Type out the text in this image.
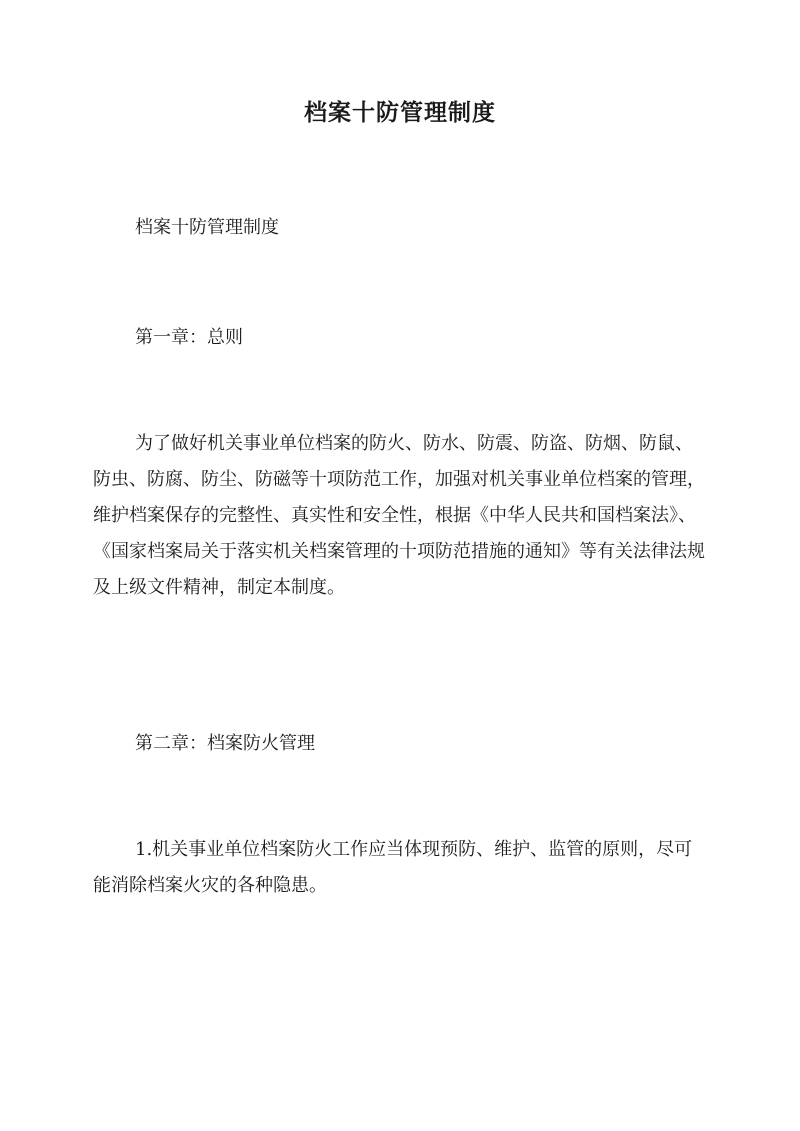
档案十防管理制度

档案十防管理制度

第一章：总则

为了做好机关事业单位档案的防火、防水、防震、防盗、防烟、防鼠、防虫、防腐、防尘、防磁等十项防范工作，加强对机关事业单位档案的管理，维护档案保存的完整性、真实性和安全性，根据《中华人民共和国档案法》、《国家档案局关于落实机关档案管理的十项防范措施的通知》等有关法律法规及上级文件精神，制定本制度。

第二章：档案防火管理

1.机关事业单位档案防火工作应当体现预防、维护、监管的原则，尽可能消除档案火灾的各种隐患。
